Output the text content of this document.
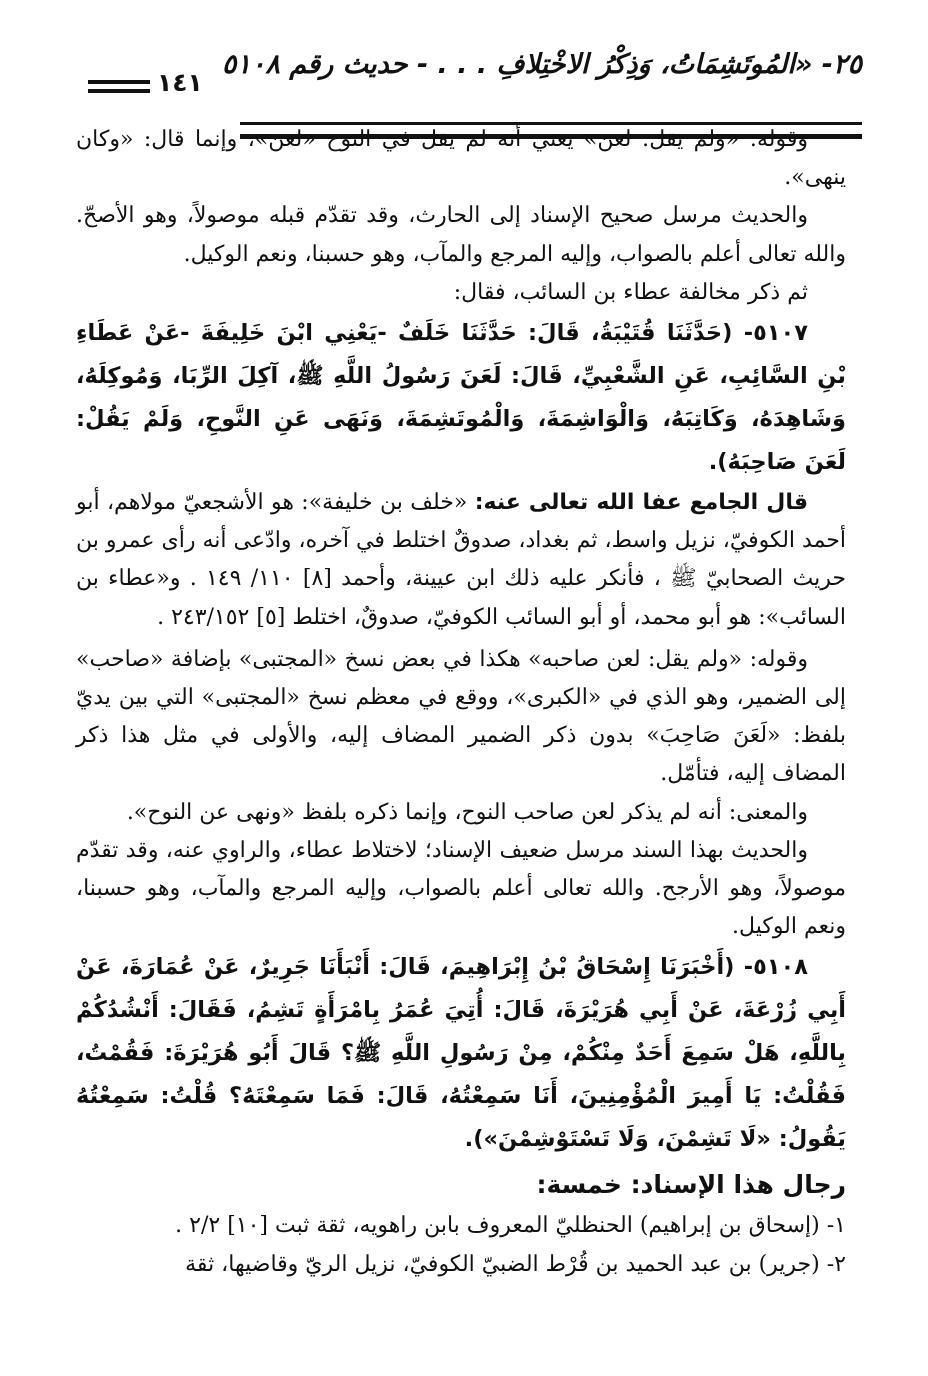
٢٥- «المُوتَشِمَاتُ، وَذِكْرُ الاخْتِلافِ . . . - حديث رقم ٥١٠٨
١٤١

وقوله: «ولم يقل: لعن» يعني أنه لم يقل في النوح «لعن»، وإنما قال: «وكان ينهى».

والحديث مرسل صحيح الإسناد إلى الحارث، وقد تقدّم قبله موصولاً، وهو الأصحّ. والله تعالى أعلم بالصواب، وإليه المرجع والمآب، وهو حسبنا، ونعم الوكيل.

ثم ذكر مخالفة عطاء بن السائب، فقال:

٥١٠٧- (حَدَّثَنَا قُتَيْبَةُ، قَالَ: حَدَّثَنَا خَلَفٌ -يَعْنِي ابْنَ خَلِيفَةَ -عَنْ عَطَاءِ بْنِ السَّائِبِ، عَنِ الشَّعْبِيِّ، قَالَ: لَعَنَ رَسُولُ اللَّهِ ﷺ، آكِلَ الرِّبَا، وَمُوكِلَهُ، وَشَاهِدَهُ، وَكَاتِبَهُ، وَالْوَاشِمَةَ، وَالْمُوتَشِمَةَ، وَنَهَى عَنِ النَّوحِ، وَلَمْ يَقُلْ: لَعَنَ صَاحِبَهُ).

قال الجامع عفا الله تعالى عنه: «خلف بن خليفة»: هو الأشجعيّ مولاهم، أبو أحمد الكوفيّ، نزيل واسط، ثم بغداد، صدوقٌ اختلط في آخره، وادّعى أنه رأى عمرو بن حريث الصحابيّ ﷺ ، فأنكر عليه ذلك ابن عيينة، وأحمد [٨] ١١٠/ ١٤٩ . و«عطاء بن السائب»: هو أبو محمد، أو أبو السائب الكوفيّ، صدوقٌ، اختلط [٥] ٢٤٣/١٥٢ .

وقوله: «ولم يقل: لعن صاحبه» هكذا في بعض نسخ «المجتبى» بإضافة «صاحب» إلى الضمير، وهو الذي في «الكبرى»، ووقع في معظم نسخ «المجتبى» التي بين يديّ بلفظ: «لَعَنَ صَاحِبَ» بدون ذكر الضمير المضاف إليه، والأولى في مثل هذا ذكر المضاف إليه، فتأمّل.

والمعنى: أنه لم يذكر لعن صاحب النوح، وإنما ذكره بلفظ «ونهى عن النوح».

والحديث بهذا السند مرسل ضعيف الإسناد؛ لاختلاط عطاء، والراوي عنه، وقد تقدّم موصولاً، وهو الأرجح. والله تعالى أعلم بالصواب، وإليه المرجع والمآب، وهو حسبنا، ونعم الوكيل.

٥١٠٨- (أَخْبَرَنَا إِسْحَاقُ بْنُ إِبْرَاهِيمَ، قَالَ: أَنْبَأَنَا جَرِيرٌ، عَنْ عُمَارَةَ، عَنْ أَبِي زُرْعَةَ، عَنْ أَبِي هُرَيْرَةَ، قَالَ: أُتِيَ عُمَرُ بِامْرَأَةٍ تَشِمُ، فَقَالَ: أَنْشُدُكُمْ بِاللَّهِ، هَلْ سَمِعَ أَحَدٌ مِنْكُمْ، مِنْ رَسُولِ اللَّهِ ﷺ؟ قَالَ أَبُو هُرَيْرَةَ: فَقُمْتُ، فَقُلْتُ: يَا أَمِيرَ الْمُؤْمِنِينَ، أَنَا سَمِعْتُهُ، قَالَ: فَمَا سَمِعْتَهُ؟ قُلْتُ: سَمِعْتُهُ يَقُولُ: «لَا تَشِمْنَ، وَلَا تَسْتَوْشِمْنَ»).

رجال هذا الإسناد: خمسة:

١- (إسحاق بن إبراهيم) الحنظليّ المعروف بابن راهويه، ثقة ثبت [١٠] ٢/٢ .

٢- (جرير) بن عبد الحميد بن قُرْط الضبيّ الكوفيّ، نزيل الريّ وقاضيها، ثقة
